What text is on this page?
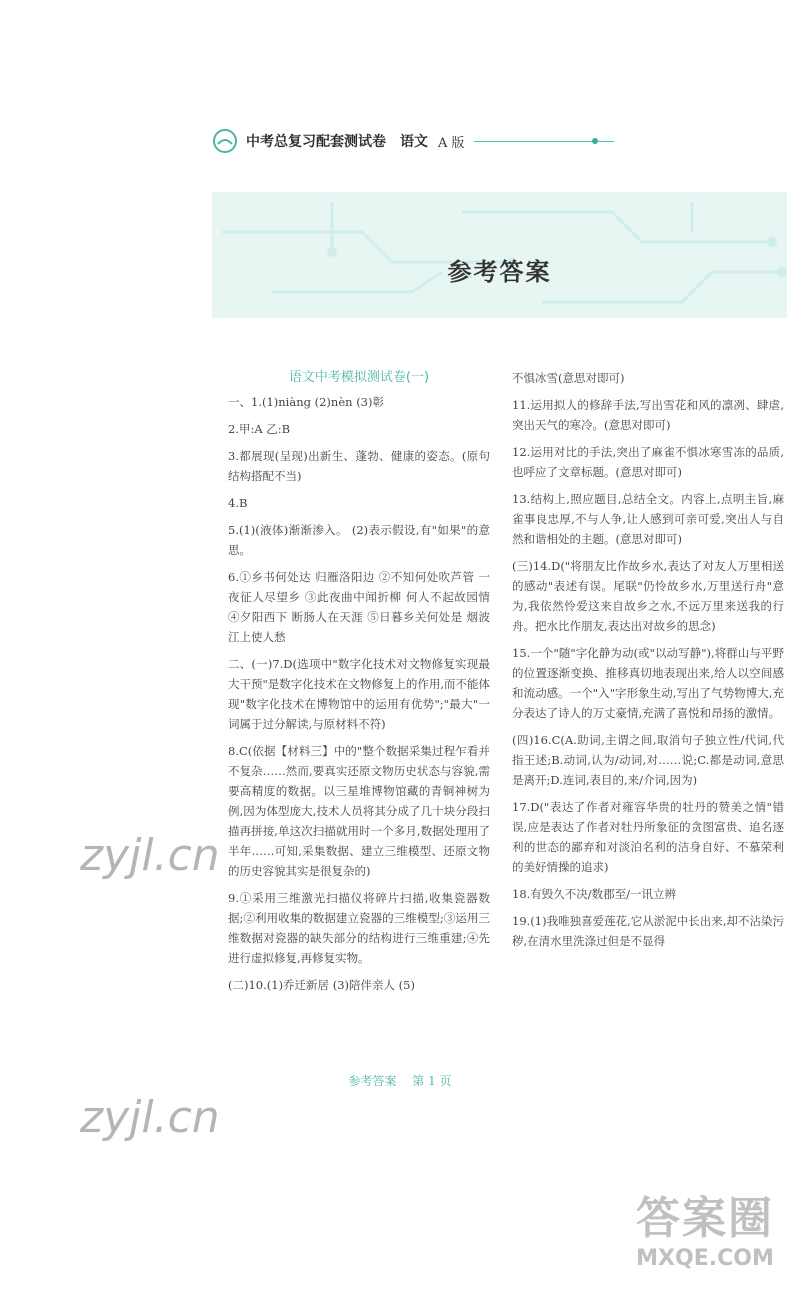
中考总复习配套测试卷 语文 A 版
参考答案
语文中考模拟测试卷(一)

一、1.(1)niàng (2)nèn (3)彰

2.甲:A 乙:B

3.都展现(呈现)出新生、蓬勃、健康的姿态。(原句结构搭配不当)

4.B

5.(1)(液体)渐渐渗入。 (2)表示假设,有"如果"的意思。

6.①乡书何处达 归雁洛阳边 ②不知何处吹芦管 一夜征人尽望乡 ③此夜曲中闻折柳 何人不起故园情 ④夕阳西下 断肠人在天涯 ⑤日暮乡关何处是 烟波江上使人愁

二、(一)7.D(选项中"数字化技术对文物修复实现最大干预"是数字化技术在文物修复上的作用,而不能体现"数字化技术在博物馆中的运用有优势";"最大"一词属于过分解读,与原材料不符)

8.C(依据【材料三】中的"整个数据采集过程乍看并不复杂……然而,要真实还原文物历史状态与容貌,需要高精度的数据。以三星堆博物馆藏的青铜神树为例,因为体型庞大,技术人员将其分成了几十块分段扫描再拼接,单这次扫描就用时一个多月,数据处理用了半年……可知,采集数据、建立三维模型、还原文物的历史容貌其实是很复杂的)

9.①采用三维激光扫描仪将碎片扫描,收集瓷器数据;②利用收集的数据建立瓷器的三维模型;③运用三维数据对瓷器的缺失部分的结构进行三维重建;④先进行虚拟修复,再修复实物。

(二)10.(1)乔迁新居 (3)陪伴亲人 (5)

不惧冰雪(意思对即可)

11.运用拟人的修辞手法,写出雪花和风的凛冽、肆虐,突出天气的寒冷。(意思对即可)

12.运用对比的手法,突出了麻雀不惧冰寒雪冻的品质,也呼应了文章标题。(意思对即可)

13.结构上,照应题目,总结全文。内容上,点明主旨,麻雀事良忠厚,不与人争,让人感到可亲可爱,突出人与自然和谐相处的主题。(意思对即可)

(三)14.D("将朋友比作故乡水,表达了对友人万里相送的感动"表述有误。尾联"仍怜故乡水,万里送行舟"意为,我依然怜爱这来自故乡之水,不远万里来送我的行舟。把水比作朋友,表达出对故乡的思念)

15.一个"随"字化静为动(或"以动写静"),将群山与平野的位置逐渐变换、推移真切地表现出来,给人以空间感和流动感。一个"入"字形象生动,写出了气势物博大,充分表达了诗人的万丈豪情,充满了喜悦和昂扬的激情。

(四)16.C(A.助词,主谓之间,取消句子独立性/代词,代指王述;B.动词,认为/动词,对……说;C.都是动词,意思是离开;D.连词,表目的,来/介词,因为)

17.D("表达了作者对雍容华贵的牡丹的赞美之情"错误,应是表达了作者对牡丹所象征的贪图富贵、追名逐利的世态的鄙弃和对淡泊名利的洁身自好、不慕荣利的美好情操的追求)

18.有毁久不决/数郡至/一讯立辨

19.(1)我唯独喜爱莲花,它从淤泥中长出来,却不沾染污秽,在清水里洗涤过但是不显得

参考答案 第 1 页
zyjl.cn
zyjl.cn
答案圈
MXQE.COM
